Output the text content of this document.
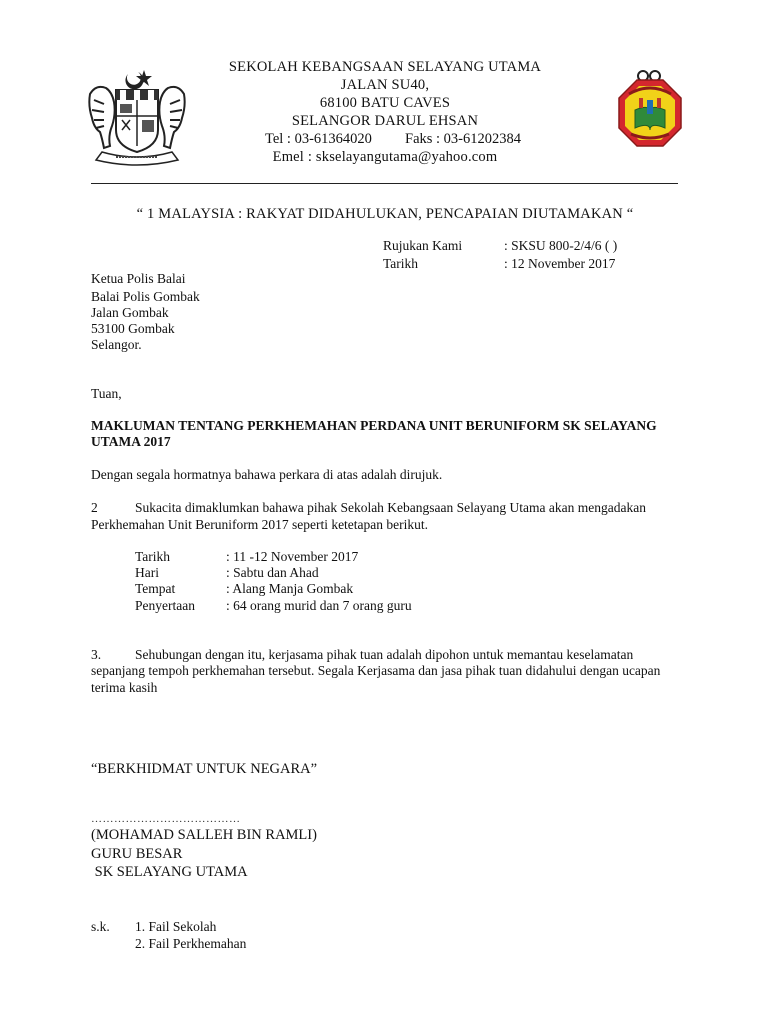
SEKOLAH KEBANGSAAN SELAYANG UTAMA
JALAN SU40,
68100 BATU CAVES
SELANGOR DARUL EHSAN
Tel : 03-61364020 Faks : 03-61202384
Emel : skselayangutama@yahoo.com
“ 1 MALAYSIA : RAKYAT DIDAHULUKAN, PENCAPAIAN DIUTAMAKAN “
Rujukan Kami	: SKSU 800-2/4/6 ( )
Tarikh	: 12 November 2017
Ketua Polis Balai
Balai Polis Gombak
Jalan Gombak
53100 Gombak
Selangor.
Tuan,
MAKLUMAN TENTANG PERKHEMAHAN PERDANA UNIT BERUNIFORM SK SELAYANG
UTAMA 2017
Dengan segala hormatnya bahawa perkara di atas adalah dirujuk.
2	Sukacita dimaklumkan bahawa pihak Sekolah Kebangsaan Selayang Utama akan mengadakan
Perkhemahan Unit Beruniform 2017 seperti ketetapan berikut.
Tarikh	: 11 -12 November 2017
Hari	: Sabtu dan Ahad
Tempat	: Alang Manja Gombak
Penyertaan : 64 orang murid dan 7 orang guru
3.	Sehubungan dengan itu, kerjasama pihak tuan adalah dipohon untuk memantau keselamatan
sepanjang tempoh perkhemahan tersebut. Segala Kerjasama dan jasa pihak tuan didahului dengan ucapan
terima kasih
“BERKHIDMAT UNTUK NEGARA”
…………………………………
(MOHAMAD SALLEH BIN RAMLI)
GURU BESAR
SK SELAYANG UTAMA
s.k. 1. Fail Sekolah
2. Fail Perkhemahan
